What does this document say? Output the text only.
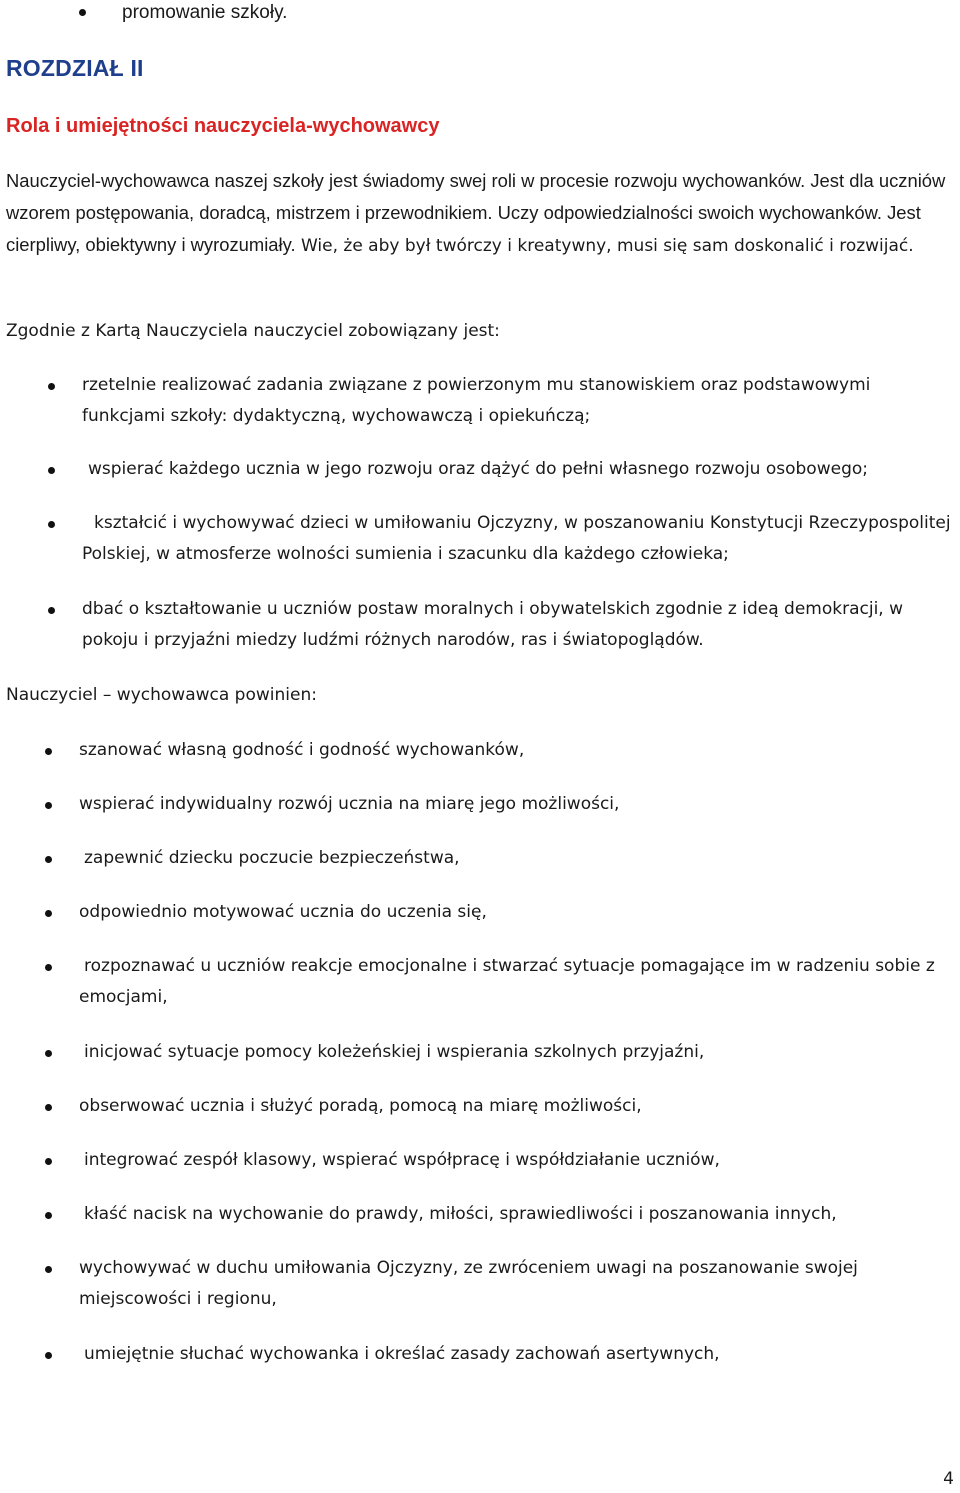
promowanie szkoły.
ROZDZIAŁ II
Rola i umiejętności nauczyciela-wychowawcy

Nauczyciel-wychowawca naszej szkoły jest świadomy swej roli w procesie rozwoju wychowanków. Jest dla uczniów wzorem postępowania, doradcą, mistrzem i przewodnikiem. Uczy odpowiedzialności swoich wychowanków. Jest cierpliwy, obiektywny i wyrozumiały. Wie, że aby był twórczy i kreatywny, musi się sam doskonalić i rozwijać.

Zgodnie z Kartą Nauczyciela nauczyciel zobowiązany jest:

rzetelnie realizować zadania związane z powierzonym mu stanowiskiem oraz podstawowymi funkcjami szkoły: dydaktyczną, wychowawczą i opiekuńczą;

wspierać każdego ucznia w jego rozwoju oraz dążyć do pełni własnego rozwoju osobowego;

kształcić i wychowywać dzieci w umiłowaniu Ojczyzny, w poszanowaniu Konstytucji Rzeczypospolitej Polskiej, w atmosferze wolności sumienia i szacunku dla każdego człowieka;

dbać o kształtowanie u uczniów postaw moralnych i obywatelskich zgodnie z ideą demokracji, w pokoju i przyjaźni miedzy ludźmi różnych narodów, ras i światopoglądów.

Nauczyciel – wychowawca powinien:

szanować własną godność i godność wychowanków,

wspierać indywidualny rozwój ucznia na miarę jego możliwości,

zapewnić dziecku poczucie bezpieczeństwa,

odpowiednio motywować ucznia do uczenia się,

rozpoznawać u uczniów reakcje emocjonalne i stwarzać sytuacje pomagające im w radzeniu sobie z emocjami,

inicjować sytuacje pomocy koleżeńskiej i wspierania szkolnych przyjaźni,

obserwować ucznia i służyć poradą, pomocą na miarę możliwości,

integrować zespół klasowy, wspierać współpracę i współdziałanie uczniów,

kłaść nacisk na wychowanie do prawdy, miłości, sprawiedliwości i poszanowania innych,

wychowywać w duchu umiłowania Ojczyzny, ze zwróceniem uwagi na poszanowanie swojej miejscowości i regionu,

umiejętnie słuchać wychowanka i określać zasady zachowań asertywnych,

4
